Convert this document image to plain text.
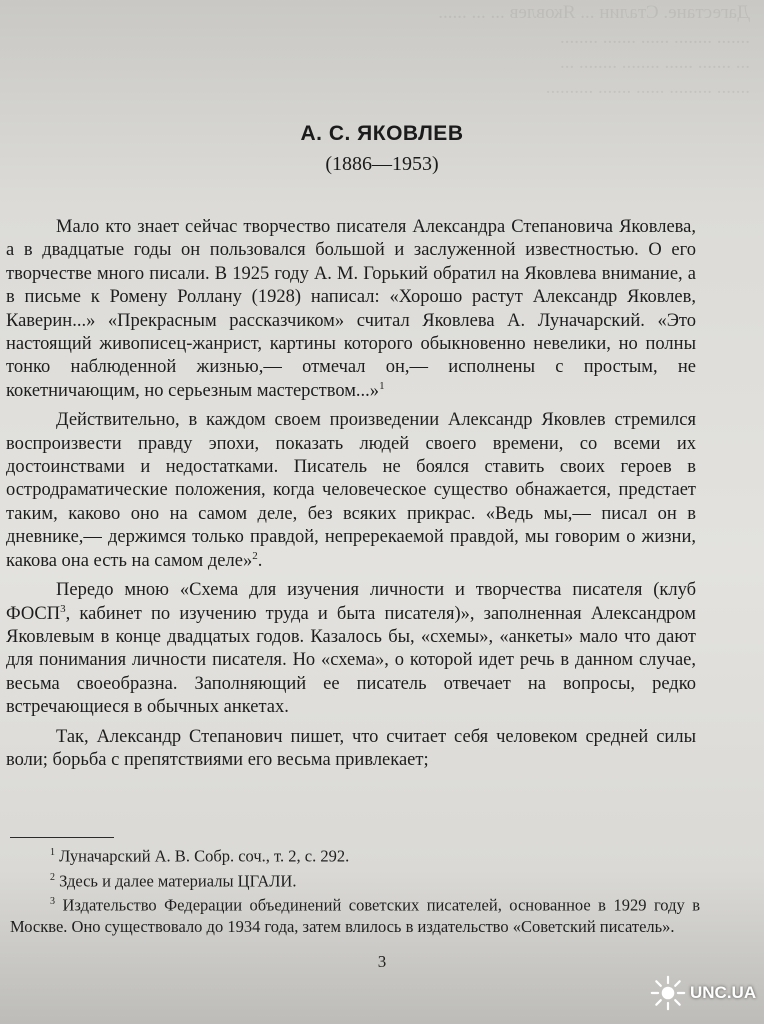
Дагестане. Сталин ... Яковлев ... ... ......
....... ........ ...... ....... ........
... ....... ...... ........ ........ ...
....... ......... ...... ....... ..........
А. С. ЯКОВЛЕВ
(1886—1953)

Мало кто знает сейчас творчество писателя Александра Степановича Яковлева, а в двадцатые годы он пользовался большой и заслуженной известностью. О его творчестве много писали. В 1925 году А. М. Горький обратил на Яковлева внимание, а в письме к Ромену Роллану (1928) написал: «Хорошо растут Александр Яковлев, Каверин...» «Прекрасным рассказчиком» считал Яковлева А. Луначарский. «Это настоящий живописец-жанрист, картины которого обыкновенно невелики, но полны тонко наблюденной жизнью,— отмечал он,— исполнены с простым, не кокетничающим, но серьезным мастерством...»$^1$

Действительно, в каждом своем произведении Александр Яковлев стремился воспроизвести правду эпохи, показать людей своего времени, со всеми их достоинствами и недостатками. Писатель не боялся ставить своих героев в остродраматические положения, когда человеческое существо обнажается, предстает таким, каково оно на самом деле, без всяких прикрас. «Ведь мы,— писал он в дневнике,— держимся только правдой, непререкаемой правдой, мы говорим о жизни, какова она есть на самом деле»$^2$.

Передо мною «Схема для изучения личности и творчества писателя (клуб ФОСП$^3$, кабинет по изучению труда и быта писателя)», заполненная Александром Яковлевым в конце двадцатых годов. Казалось бы, «схемы», «анкеты» мало что дают для понимания личности писателя. Но «схема», о которой идет речь в данном случае, весьма своеобразна. Заполняющий ее писатель отвечает на вопросы, редко встречающиеся в обычных анкетах.

Так, Александр Степанович пишет, что считает себя человеком средней силы воли; борьба с препятствиями его весьма привлекает;

$^1$ Луначарский А. В. Собр. соч., т. 2, с. 292.
$^2$ Здесь и далее материалы ЦГАЛИ.
$^3$ Издательство Федерации объединений советских писателей, основанное в 1929 году в Москве. Оно существовало до 1934 года, затем влилось в издательство «Советский писатель».
3
UNC.UA
